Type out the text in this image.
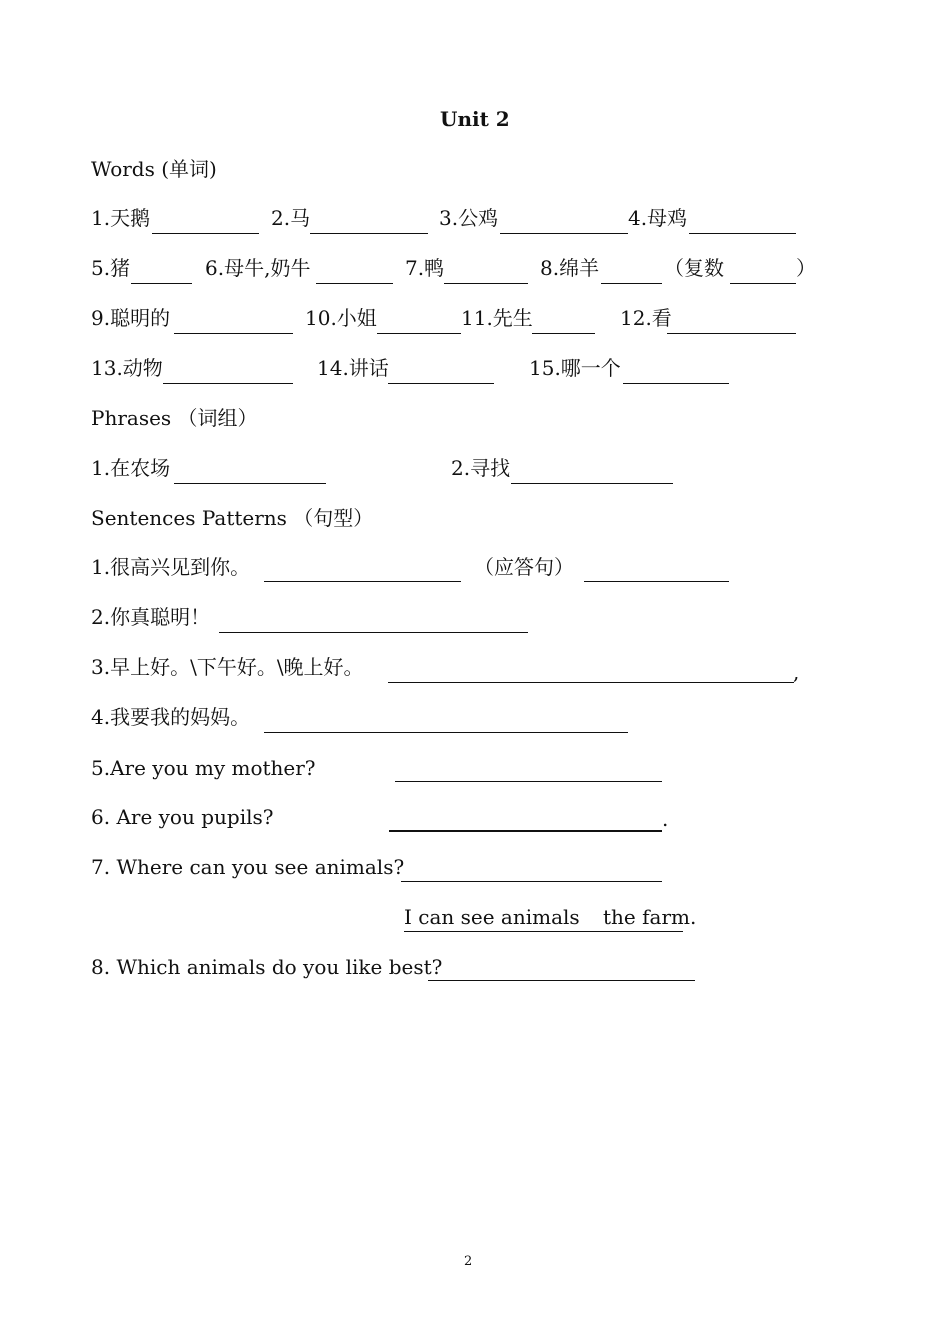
Unit 2
Words (单词)
1.天鹅	2.马	3.公鸡	4.母鸡
5.猪	6.母牛,奶牛	7.鸭	8.绵羊	（复数	）
9.聪明的	10.小姐	11.先生	12.看
13.动物	14.讲话	15.哪一个
Phrases （词组）
1.在农场	2.寻找
Sentences Patterns （句型）
1.很高兴见到你。	（应答句）
2.你真聪明！
3.早上好。\下午好。\晚上好。	,
4.我要我的妈妈。
5.Are you my mother?
6. Are you pupils?	.
7. Where can you see animals?
I can see animals the farm.
8. Which animals do you like best?
2
